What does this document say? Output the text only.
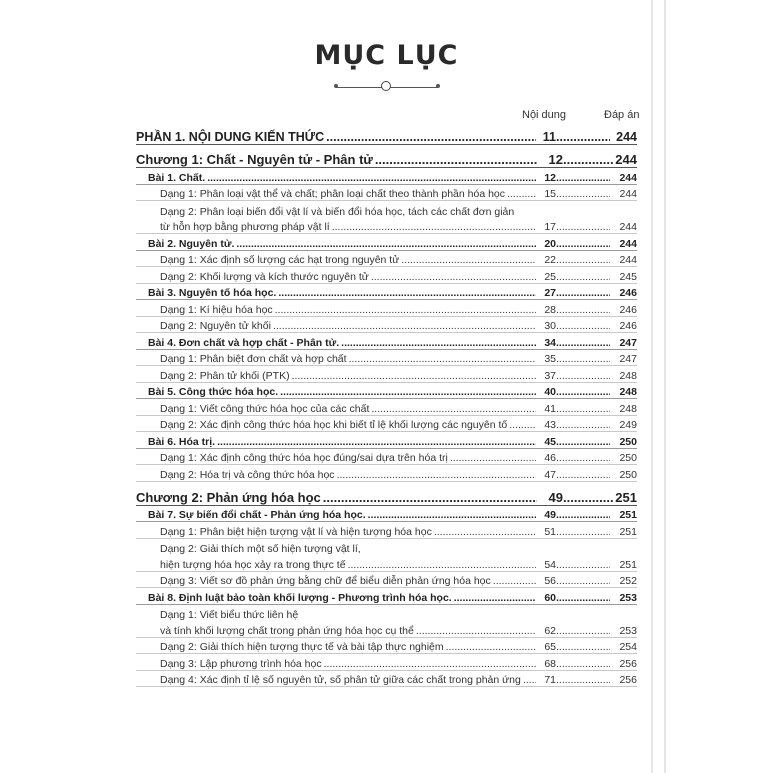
MỤC LỤC
Nội dung	Đáp án
PHẦN 1. NỘI DUNG KIẾN THỨC .....	11 .....	244
Chương 1: Chất - Nguyên tử - Phân tử .....	12 .....	244
Bài 1. Chất. .....	12 .....	244
Dạng 1: Phân loại vật thể và chất; phân loại chất theo thành phần hóa học .....	15 .....	244
Dạng 2: Phân loại biến đổi vật lí và biến đổi hóa học, tách các chất đơn giản
từ hỗn hợp bằng phương pháp vật lí .....	17 .....	244
Bài 2. Nguyên tử. .....	20 .....	244
Dạng 1: Xác định số lượng các hạt trong nguyên tử .....	22 .....	244
Dạng 2: Khối lượng và kích thước nguyên tử .....	25 .....	245
Bài 3. Nguyên tố hóa học. .....	27 .....	246
Dạng 1: Kí hiệu hóa học .....	28 .....	246
Dạng 2: Nguyên tử khối .....	30 .....	246
Bài 4. Đơn chất và hợp chất - Phân tử. .....	34 .....	247
Dạng 1: Phân biệt đơn chất và hợp chất .....	35 .....	247
Dạng 2: Phân tử khối (PTK) .....	37 .....	248
Bài 5. Công thức hóa học. .....	40 .....	248
Dạng 1: Viết công thức hóa học của các chất .....	41 .....	248
Dạng 2: Xác định công thức hóa học khi biết tỉ lệ khối lượng các nguyên tố .....	43 .....	249
Bài 6. Hóa trị. .....	45 .....	250
Dạng 1: Xác định công thức hóa học đúng/sai dựa trên hóa trị .....	46 .....	250
Dạng 2: Hóa trị và công thức hóa học .....	47 .....	250
Chương 2: Phản ứng hóa học .....	49 .....	251
Bài 7. Sự biến đổi chất - Phản ứng hóa học. .....	49 .....	251
Dạng 1: Phân biệt hiện tượng vật lí và hiện tượng hóa học .....	51 .....	251
Dạng 2: Giải thích một số hiện tượng vật lí,
hiện tượng hóa học xảy ra trong thực tế .....	54 .....	251
Dạng 3: Viết sơ đồ phản ứng bằng chữ để biểu diễn phản ứng hóa học .....	56 .....	252
Bài 8. Định luật bảo toàn khối lượng - Phương trình hóa học. .....	60 .....	253
Dạng 1: Viết biểu thức liên hệ
và tính khối lượng chất trong phản ứng hóa học cụ thể .....	62 .....	253
Dạng 2: Giải thích hiện tượng thực tế và bài tập thực nghiệm .....	65 .....	254
Dạng 3: Lập phương trình hóa học .....	68 .....	256
Dạng 4: Xác định tỉ lệ số nguyên tử, số phân tử giữa các chất trong phản ứng .....	71 .....	256
